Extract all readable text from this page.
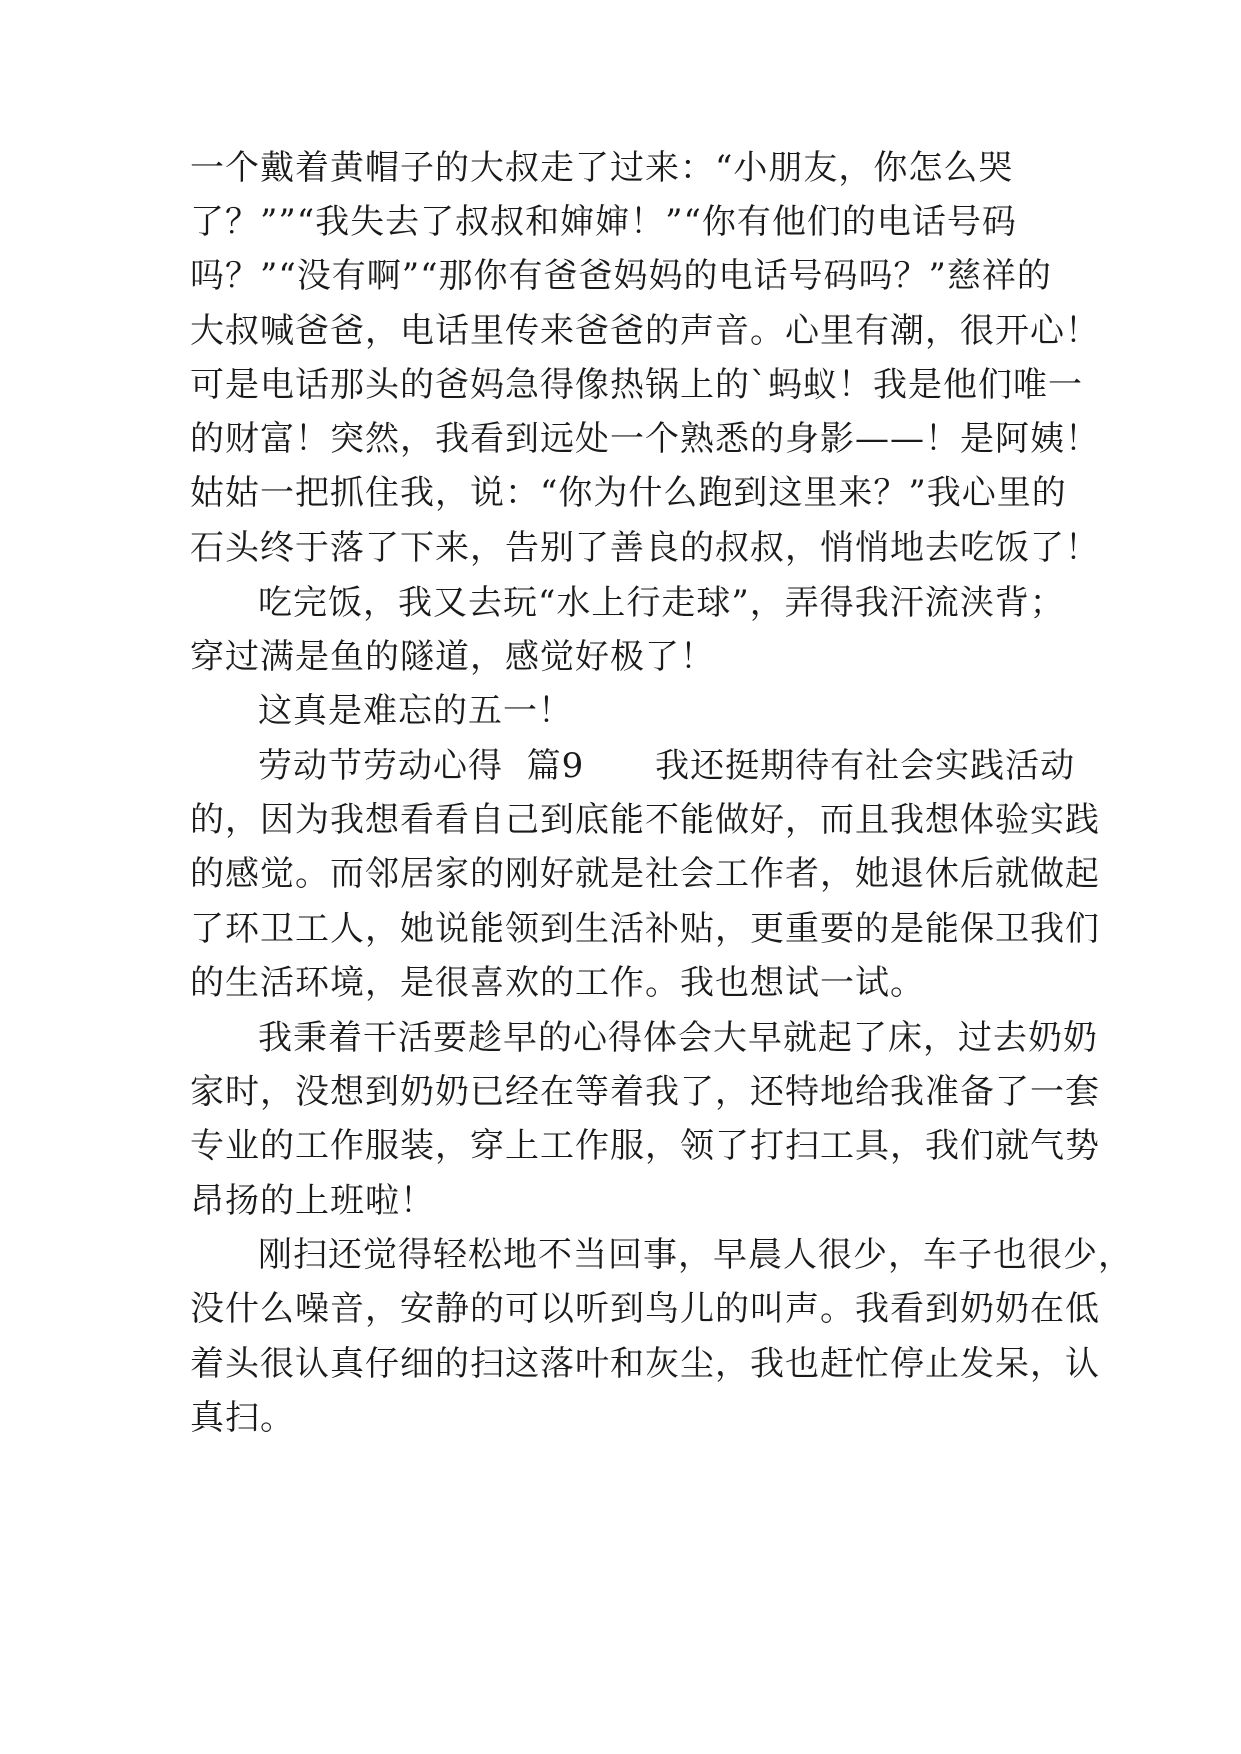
一个戴着黄帽子的大叔走了过来：“小朋友，你怎么哭
了？””“我失去了叔叔和婶婶！”“你有他们的电话号码
吗？”“没有啊”“那你有爸爸妈妈的电话号码吗？”慈祥的
大叔喊爸爸，电话里传来爸爸的声音。心里有潮，很开心！
可是电话那头的爸妈急得像热锅上的`蚂蚁！我是他们唯一
的财富！突然，我看到远处一个熟悉的身影——！是阿姨！
姑姑一把抓住我，说：“你为什么跑到这里来？”我心里的
石头终于落了下来，告别了善良的叔叔，悄悄地去吃饭了！
吃完饭，我又去玩“水上行走球”，弄得我汗流浃背；
穿过满是鱼的隧道，感觉好极了！
这真是难忘的五一！
劳动节劳动心得  篇9      我还挺期待有社会实践活动
的，因为我想看看自己到底能不能做好，而且我想体验实践
的感觉。而邻居家的刚好就是社会工作者，她退休后就做起
了环卫工人，她说能领到生活补贴，更重要的是能保卫我们
的生活环境，是很喜欢的工作。我也想试一试。
我秉着干活要趁早的心得体会大早就起了床，过去奶奶
家时，没想到奶奶已经在等着我了，还特地给我准备了一套
专业的工作服装，穿上工作服，领了打扫工具，我们就气势
昂扬的上班啦！
刚扫还觉得轻松地不当回事，早晨人很少，车子也很少，
没什么噪音，安静的可以听到鸟儿的叫声。我看到奶奶在低
着头很认真仔细的扫这落叶和灰尘，我也赶忙停止发呆，认
真扫。
